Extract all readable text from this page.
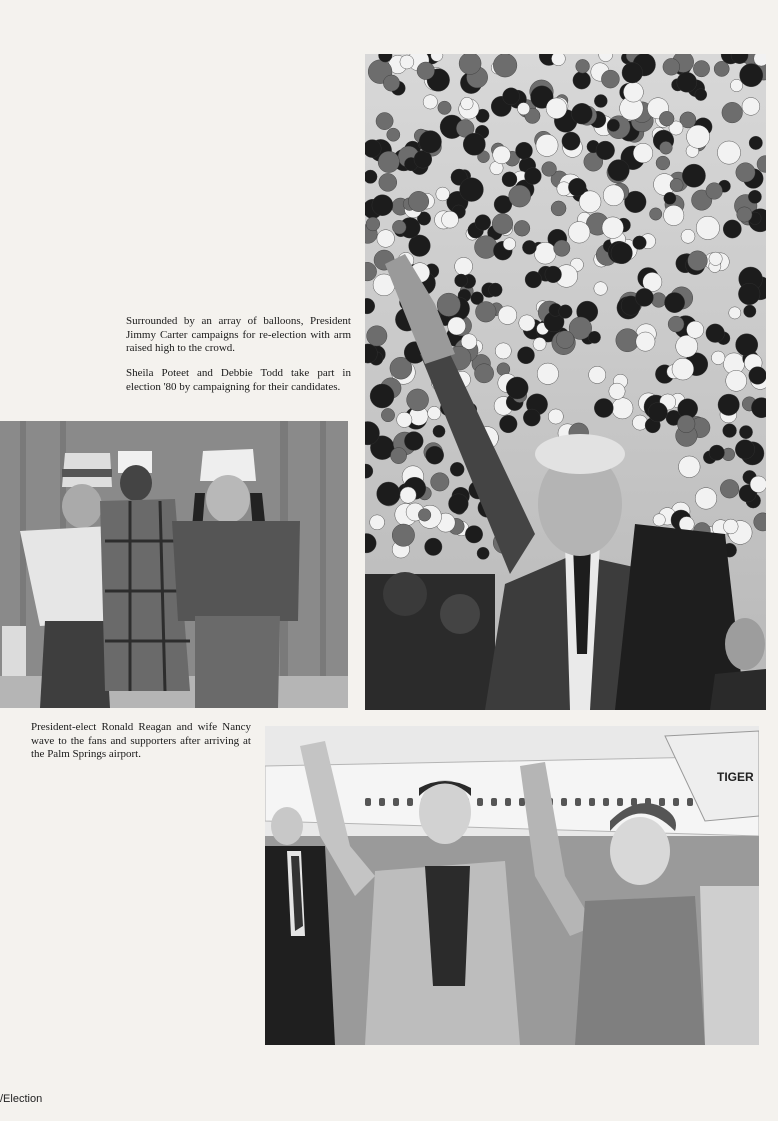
Surrounded by an array of balloons, President Jimmy Carter campaigns for re-election with arm raised high to the crowd.

Sheila Poteet and Debbie Todd take part in election '80 by campaigning for their candidates.

President-elect Ronald Reagan and wife Nancy wave to the fans and supporters after arriving at the Palm Springs airport.

TIGER
/Election
